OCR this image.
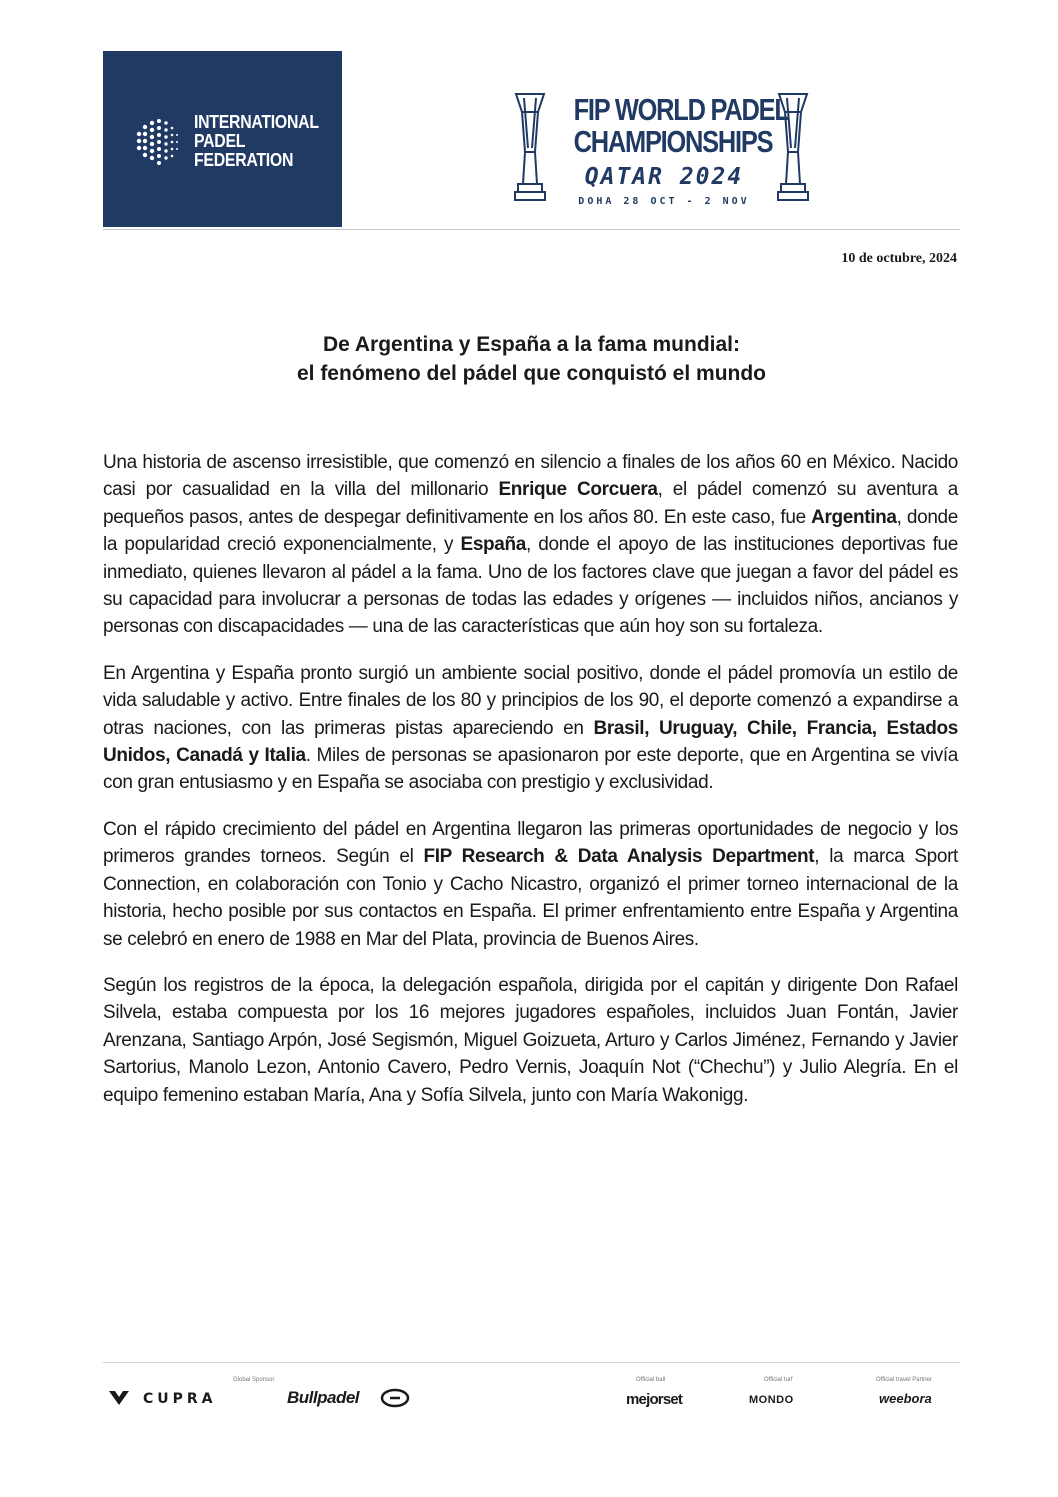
INTERNATIONAL
PADEL
FEDERATION
FIP WORLD PADEL
CHAMPIONSHIPS
QATAR 2024
DOHA 28 OCT - 2 NOV
10 de octubre, 2024
De Argentina y España a la fama mundial:
el fenómeno del pádel que conquistó el mundo

Una historia de ascenso irresistible, que comenzó en silencio a finales de los años 60 en México. Nacido casi por casualidad en la villa del millonario Enrique Corcuera, el pádel comenzó su aventura a pequeños pasos, antes de despegar definitivamente en los años 80. En este caso, fue Argentina, donde la popularidad creció exponencialmente, y España, donde el apoyo de las instituciones deportivas fue inmediato, quienes llevaron al pádel a la fama. Uno de los factores clave que juegan a favor del pádel es su capacidad para involucrar a personas de todas las edades y orígenes — incluidos niños, ancianos y personas con discapacidades — una de las características que aún hoy son su fortaleza.

En Argentina y España pronto surgió un ambiente social positivo, donde el pádel promovía un estilo de vida saludable y activo. Entre finales de los 80 y principios de los 90, el deporte comenzó a expandirse a otras naciones, con las primeras pistas apareciendo en Brasil, Uruguay, Chile, Francia, Estados Unidos, Canadá y Italia. Miles de personas se apasionaron por este deporte, que en Argentina se vivía con gran entusiasmo y en España se asociaba con prestigio y exclusividad.

Con el rápido crecimiento del pádel en Argentina llegaron las primeras oportunidades de negocio y los primeros grandes torneos. Según el FIP Research & Data Analysis Department, la marca Sport Connection, en colaboración con Tonio y Cacho Nicastro, organizó el primer torneo internacional de la historia, hecho posible por sus contactos en España. El primer enfrentamiento entre España y Argentina se celebró en enero de 1988 en Mar del Plata, provincia de Buenos Aires.

Según los registros de la época, la delegación española, dirigida por el capitán y dirigente Don Rafael Silvela, estaba compuesta por los 16 mejores jugadores españoles, incluidos Juan Fontán, Javier Arenzana, Santiago Arpón, José Segismón, Miguel Goizueta, Arturo y Carlos Jiménez, Fernando y Javier Sartorius, Manolo Lezon, Antonio Cavero, Pedro Vernis, Joaquín Not (“Chechu”) y Julio Alegría. En el equipo femenino estaban María, Ana y Sofía Silvela, junto con María Wakonigg.

Global Sponsor	Official ball	Official turf	Official travel Partner
CUPRA	Bullpadel	mejorset	MONDO	weebora
